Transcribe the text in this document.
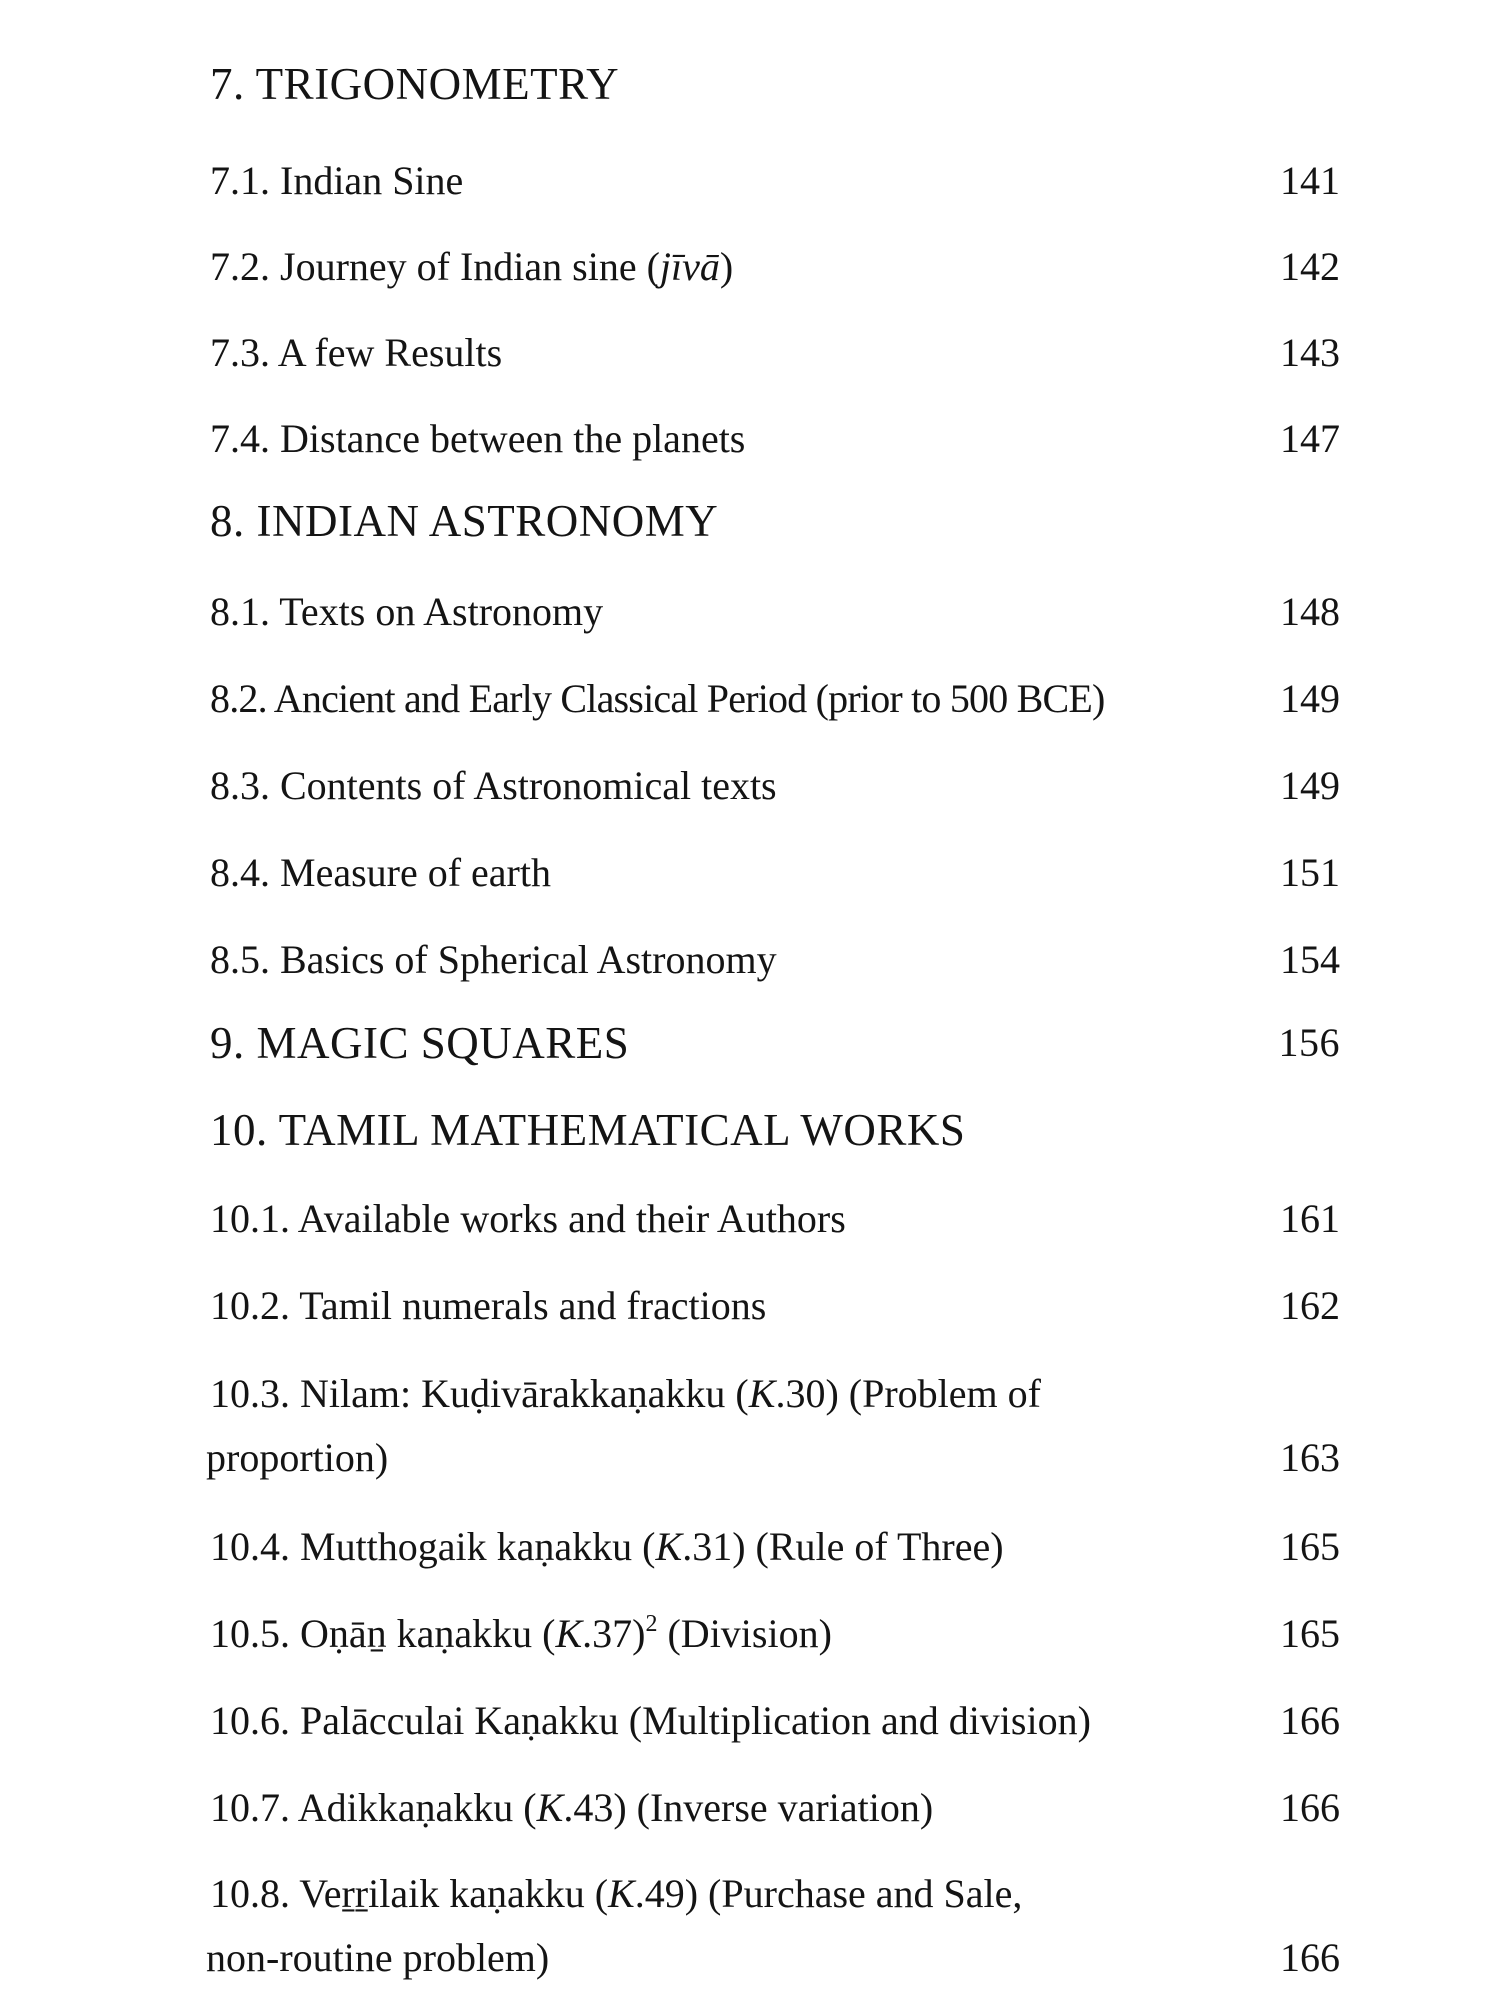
7. TRIGONOMETRY
7.1. Indian Sine	141
7.2. Journey of Indian sine (jīvā)	142
7.3. A few Results	143
7.4. Distance between the planets	147
8. INDIAN ASTRONOMY
8.1. Texts on Astronomy	148
8.2. Ancient and Early Classical Period (prior to 500 BCE)	149
8.3. Contents of Astronomical texts	149
8.4. Measure of earth	151
8.5. Basics of Spherical Astronomy	154
9. MAGIC SQUARES	156
10. TAMIL MATHEMATICAL WORKS
10.1. Available works and their Authors	161
10.2. Tamil numerals and fractions	162
10.3. Nilam: Kuḍivārakkaṇakku (K.30) (Problem of
proportion)	163
10.4. Mutthogaik kaṇakku (K.31) (Rule of Three)	165
10.5. Oṇāṉ kaṇakku $(K.37)^2$ (Division)	165
10.6. Palācculai Kaṇakku (Multiplication and division)	166
10.7. Adikkaṇakku (K.43) (Inverse variation)	166
10.8. Veṟṟilaik kaṇakku (K.49) (Purchase and Sale,
non-routine problem)	166
